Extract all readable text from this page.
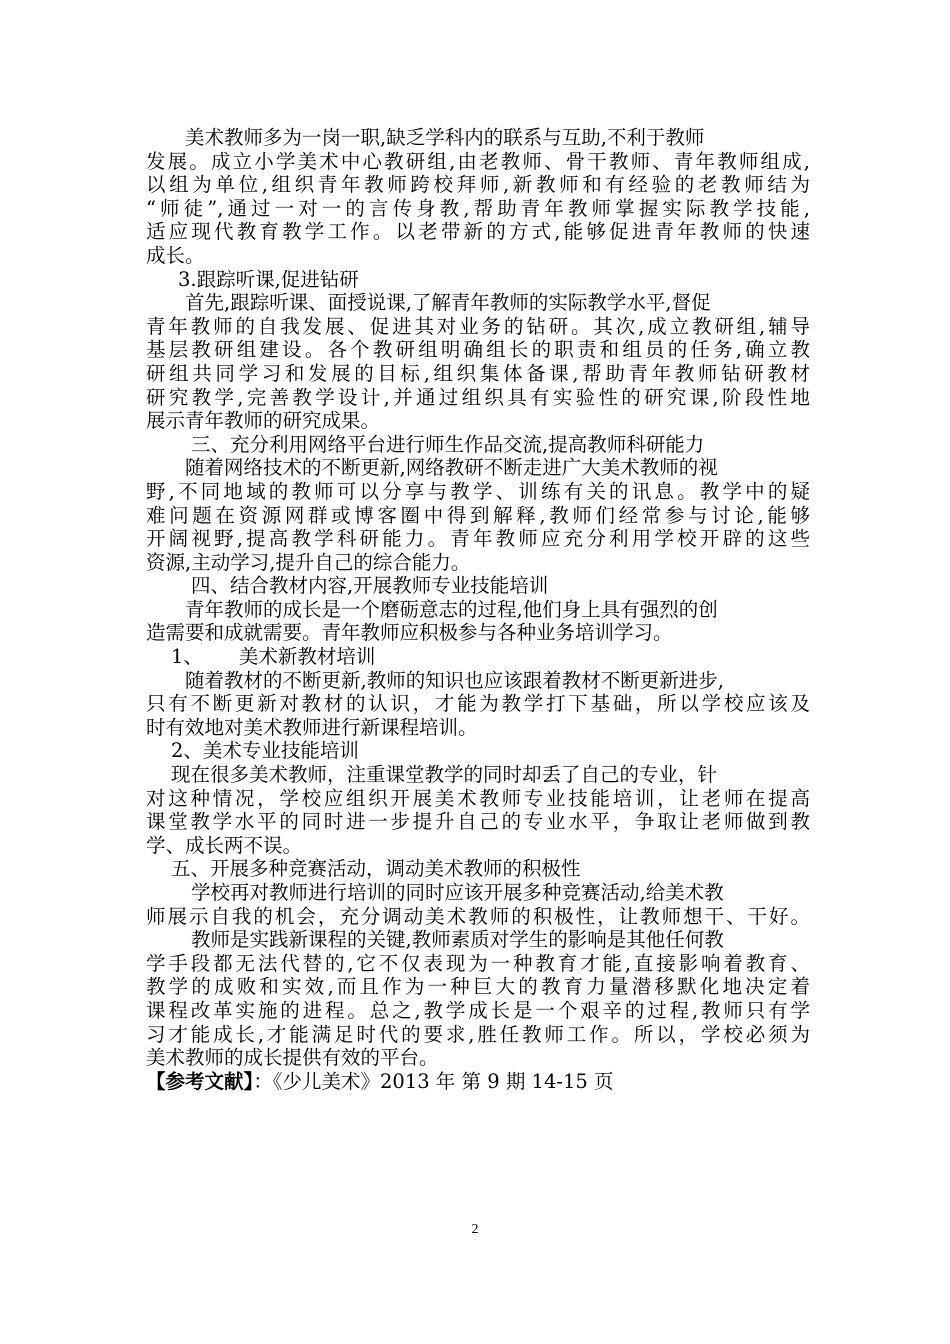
美术教师多为一岗一职,缺乏学科内的联系与互助,不利于教师
发展。成立小学美术中心教研组,由老教师、骨干教师、青年教师组成,
以组为单位,组织青年教师跨校拜师,新教师和有经验的老教师结为
“师徒”,通过一对一的言传身教,帮助青年教师掌握实际教学技能,
适应现代教育教学工作。以老带新的方式,能够促进青年教师的快速
成长。
3.跟踪听课,促进钻研
首先,跟踪听课、面授说课,了解青年教师的实际教学水平,督促
青年教师的自我发展、促进其对业务的钻研。其次,成立教研组,辅导
基层教研组建设。各个教研组明确组长的职责和组员的任务,确立教
研组共同学习和发展的目标,组织集体备课,帮助青年教师钻研教材
研究教学,完善教学设计,并通过组织具有实验性的研究课,阶段性地
展示青年教师的研究成果。
三、充分利用网络平台进行师生作品交流,提高教师科研能力
随着网络技术的不断更新,网络教研不断走进广大美术教师的视
野,不同地域的教师可以分享与教学、训练有关的讯息。教学中的疑
难问题在资源网群或博客圈中得到解释,教师们经常参与讨论,能够
开阔视野,提高教学科研能力。青年教师应充分利用学校开辟的这些
资源,主动学习,提升自己的综合能力。
四、结合教材内容,开展教师专业技能培训
青年教师的成长是一个磨砺意志的过程,他们身上具有强烈的创
造需要和成就需要。青年教师应积极参与各种业务培训学习。
1、 美术新教材培训
随着教材的不断更新,教师的知识也应该跟着教材不断更新进步,
只有不断更新对教材的认识，才能为教学打下基础，所以学校应该及
时有效地对美术教师进行新课程培训。
2、美术专业技能培训
现在很多美术教师，注重课堂教学的同时却丢了自己的专业，针
对这种情况，学校应组织开展美术教师专业技能培训，让老师在提高
课堂教学水平的同时进一步提升自己的专业水平，争取让老师做到教
学、成长两不误。
五、开展多种竞赛活动，调动美术教师的积极性
学校再对教师进行培训的同时应该开展多种竞赛活动,给美术教
师展示自我的机会，充分调动美术教师的积极性，让教师想干、干好。
教师是实践新课程的关键,教师素质对学生的影响是其他任何教
学手段都无法代替的,它不仅表现为一种教育才能,直接影响着教育、
教学的成败和实效,而且作为一种巨大的教育力量潜移默化地决定着
课程改革实施的进程。总之,教学成长是一个艰辛的过程,教师只有学
习才能成长,才能满足时代的要求,胜任教师工作。所以，学校必须为
美术教师的成长提供有效的平台。
【参考文献】：《少儿美术》2013 年 第 9 期 14-15 页
2
